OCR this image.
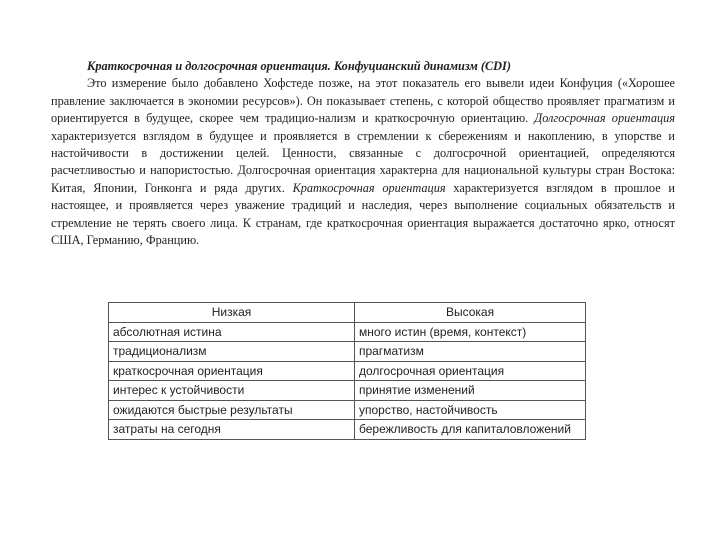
Краткосрочная и долгосрочная ориентация. Конфуцианский динамизм (CDI)

Это измерение было добавлено Хофстеде позже, на этот показатель его вывели идеи Конфуция («Хорошее правление заключается в экономии ресурсов»). Он показывает степень, с которой общество проявляет прагматизм и ориентируется в будущее, скорее чем традицио-нализм и краткосрочную ориентацию. Долгосрочная ориентация характеризуется взглядом в будущее и проявляется в стремлении к сбережениям и накоплению, в упорстве и настойчивости в достижении целей. Ценности, связанные с долгосрочной ориентацией, определяются расчетливостью и напористостью. Долгосрочная ориентация характерна для национальной культуры стран Востока: Китая, Японии, Гонконга и ряда других. Краткосрочная ориентация характеризуется взглядом в прошлое и настоящее, и проявляется через уважение традиций и наследия, через выполнение социальных обязательств и стремление не терять своего лица. К странам, где краткосрочная ориентация выражается достаточно ярко, относят США, Германию, Францию.

Низкая	Высокая
абсолютная истина	много истин (время, контекст)
традиционализм	прагматизм
краткосрочная ориентация	долгосрочная ориентация
интерес к устойчивости	принятие изменений
ожидаются быстрые результаты	упорство, настойчивость
затраты на сегодня	бережливость для капиталовложений
